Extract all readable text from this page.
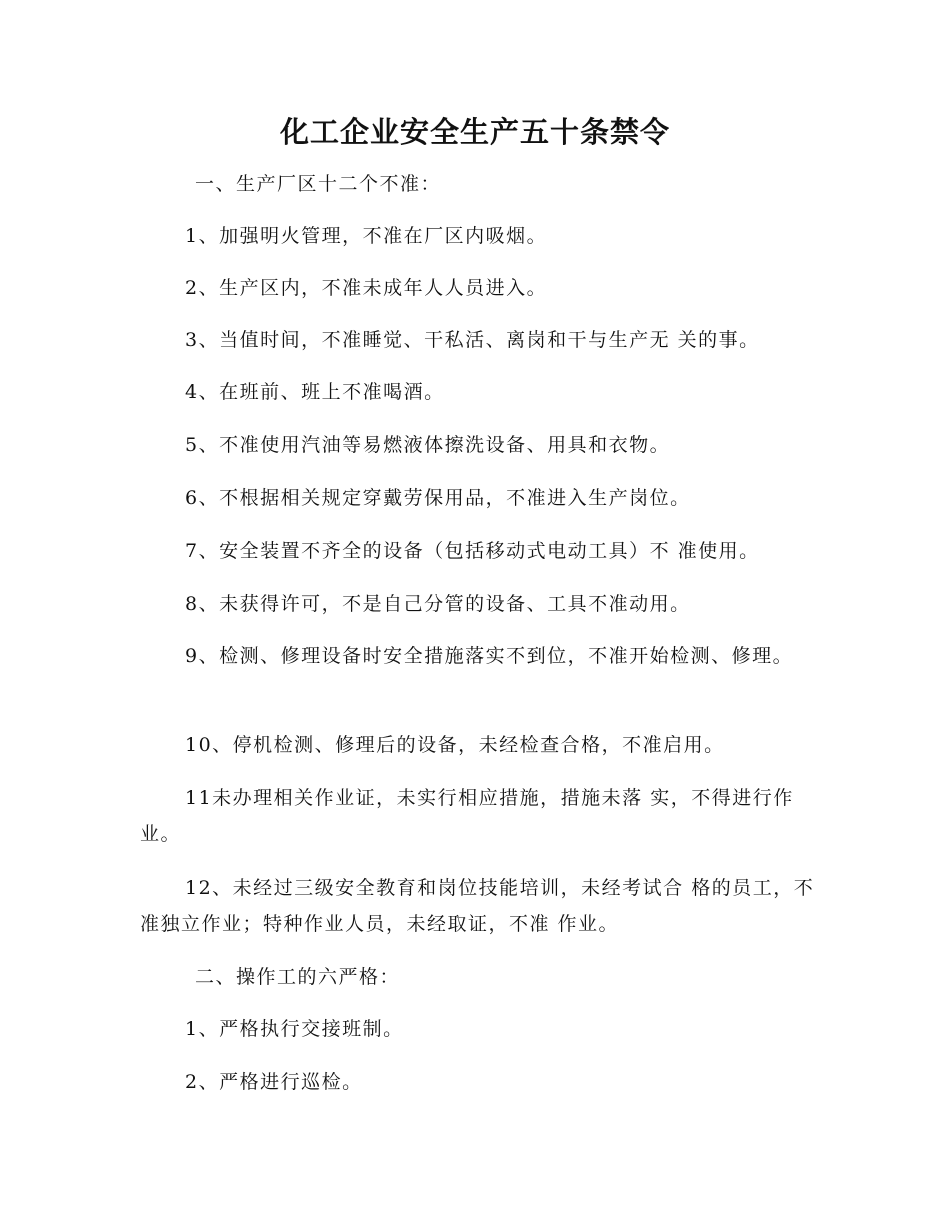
化工企业安全生产五十条禁令

一、生产厂区十二个不准：

1、加强明火管理，不准在厂区内吸烟。

2、生产区内，不准未成年人人员进入。

3、当值时间，不准睡觉、干私活、离岗和干与生产无 关的事。

4、在班前、班上不准喝酒。

5、不准使用汽油等易燃液体擦洗设备、用具和衣物。

6、不根据相关规定穿戴劳保用品，不准进入生产岗位。

7、安全装置不齐全的设备（包括移动式电动工具）不 准使用。

8、未获得许可，不是自己分管的设备、工具不准动用。

9、检测、修理设备时安全措施落实不到位，不准开始检测、修理。

10、停机检测、修理后的设备，未经检查合格，不准启用。

11未办理相关作业证，未实行相应措施，措施未落 实，不得进行作业。

12、未经过三级安全教育和岗位技能培训，未经考试合 格的员工，不准独立作业；特种作业人员，未经取证，不准 作业。

二、操作工的六严格：

1、严格执行交接班制。

2、严格进行巡检。
